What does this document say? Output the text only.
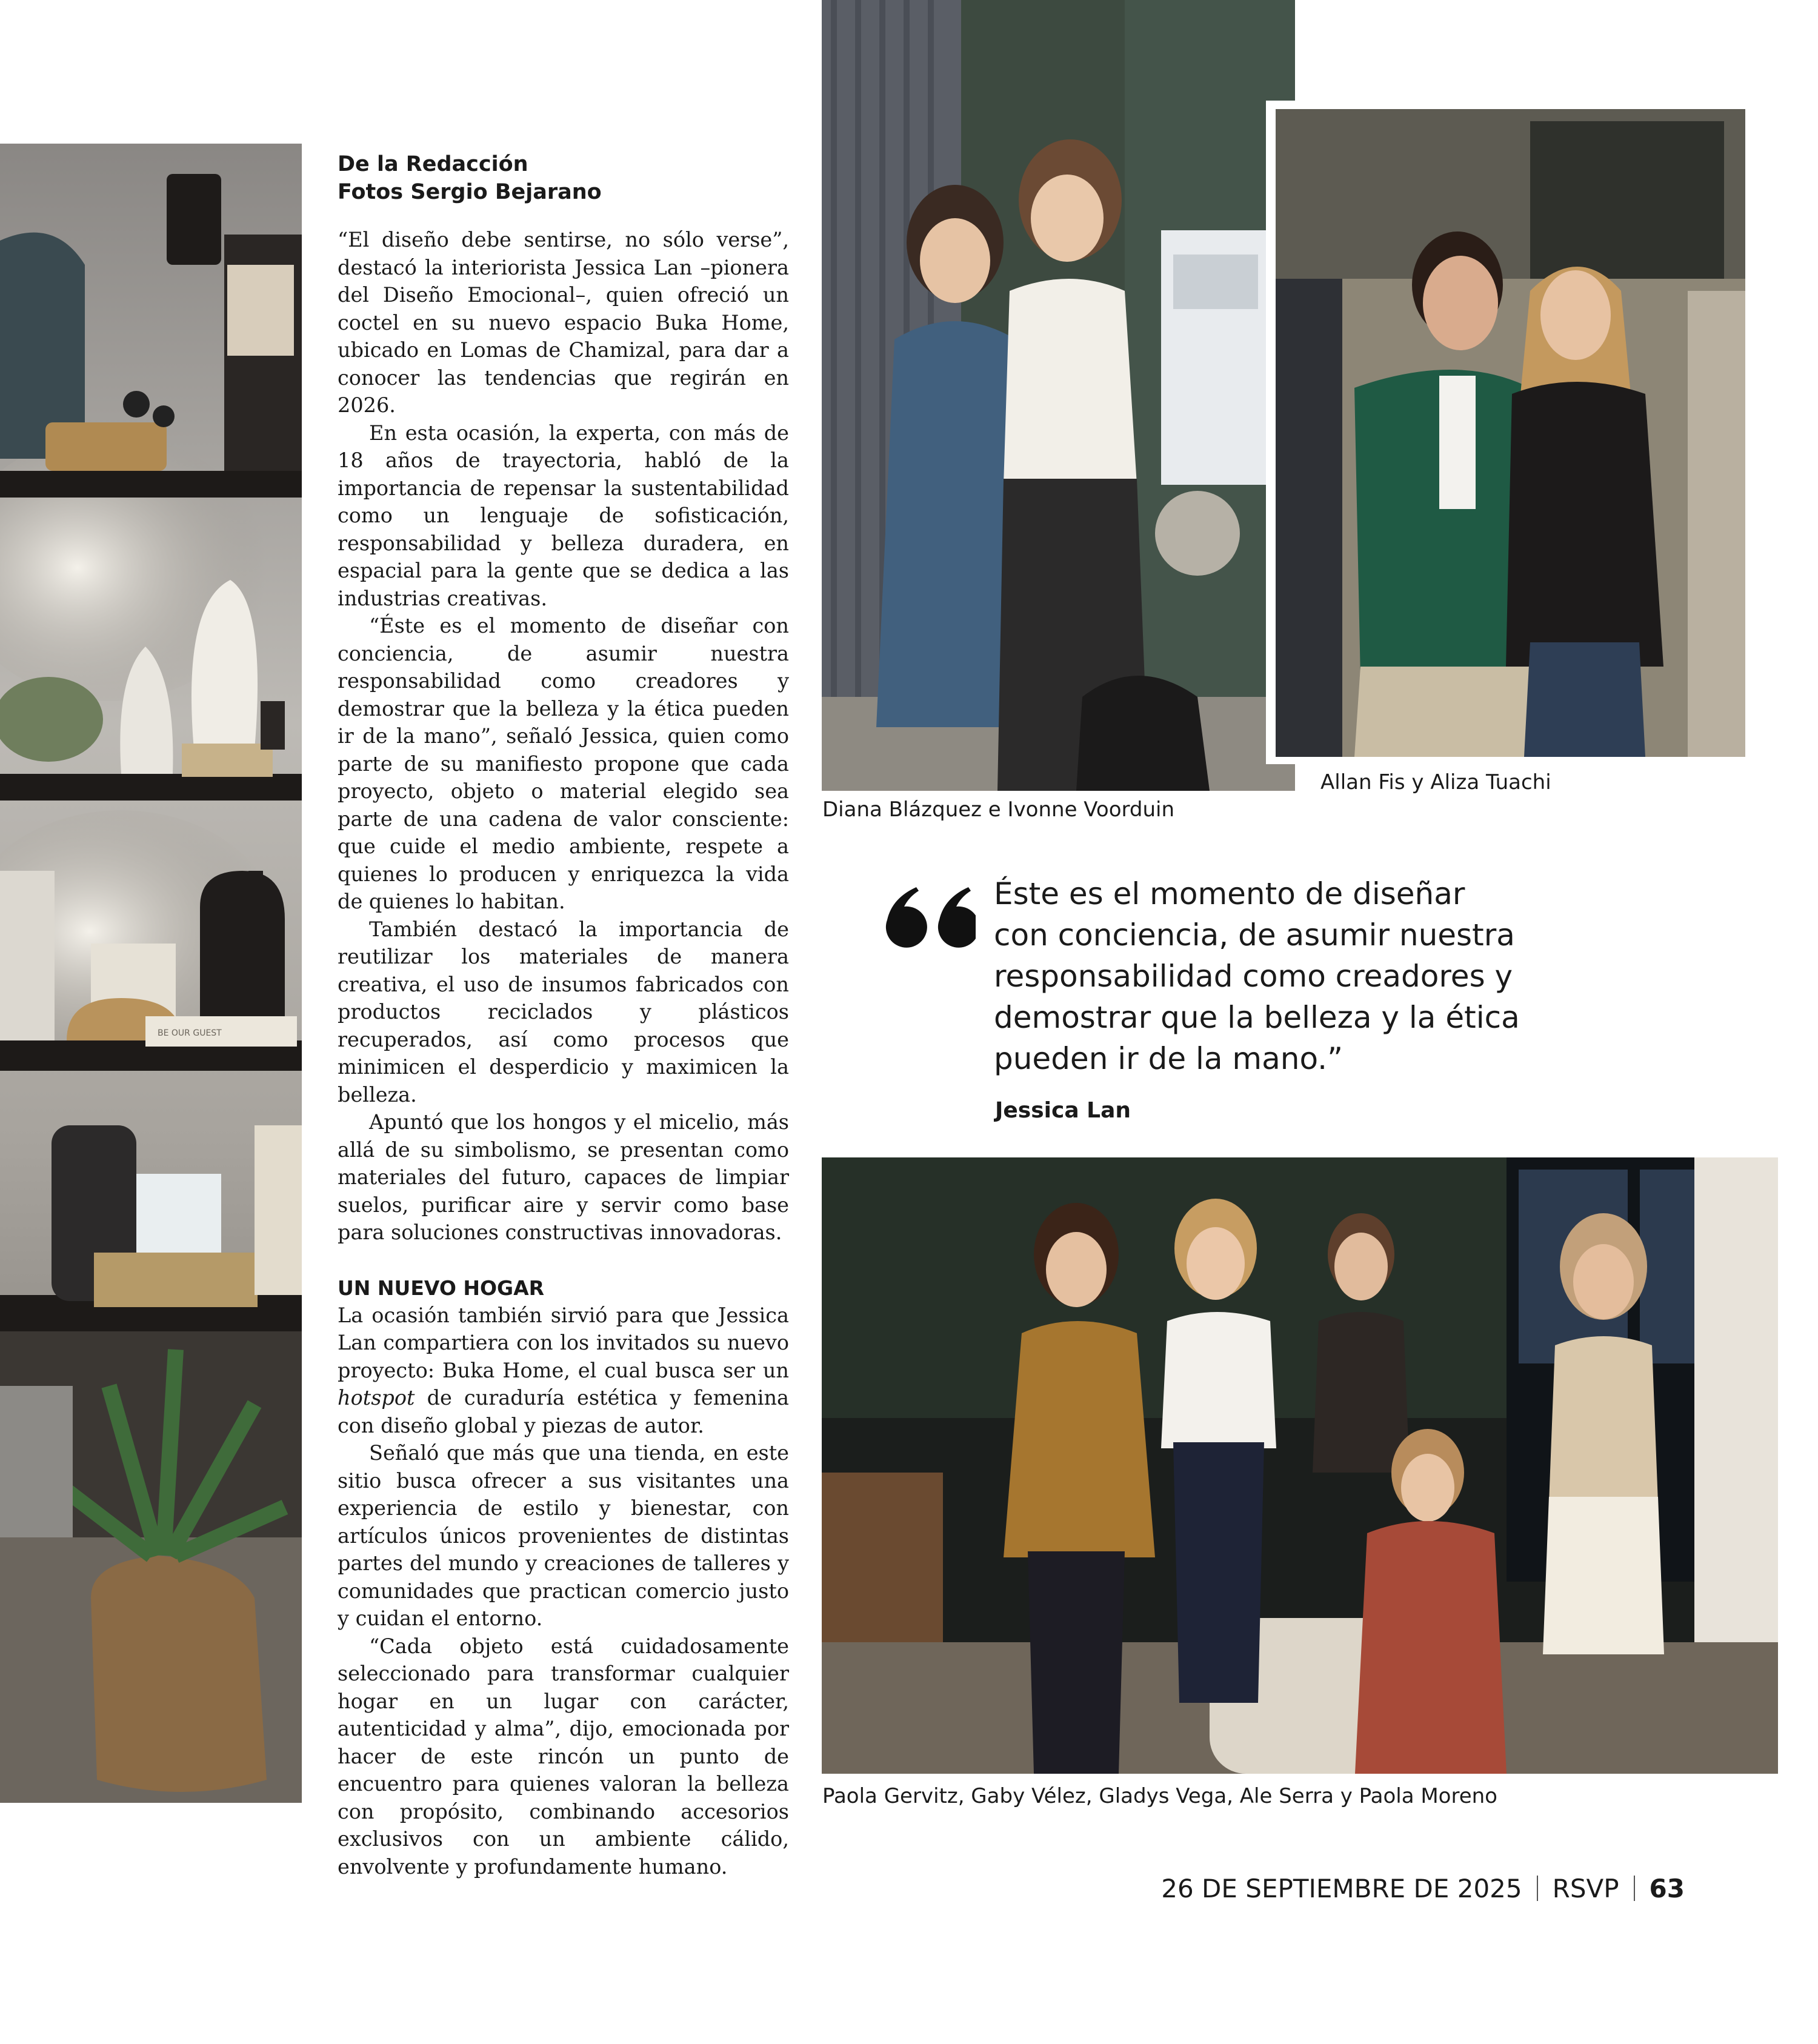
BE OUR GUEST

De la Redacción

Fotos Sergio Bejarano

“El diseño debe sentirse, no sólo verse”, destacó la interiorista Jessica Lan –pionera del Diseño Emocional–, quien ofreció un coctel en su nuevo espacio Buka Home, ubicado en Lomas de Chamizal, para dar a conocer las tendencias que regirán en 2026.

En esta ocasión, la experta, con más de 18 años de trayectoria, habló de la importancia de repensar la sustentabilidad como un lenguaje de sofisticación, responsabilidad y belleza duradera, en espacial para la gente que se dedica a las industrias creativas.

“Éste es el momento de diseñar con conciencia, de asumir nuestra responsabilidad como creadores y demostrar que la belleza y la ética pueden ir de la mano”, señaló Jessica, quien como parte de su manifiesto propone que cada proyecto, objeto o material elegido sea parte de una cadena de valor consciente: que cuide el medio ambiente, respete a quienes lo producen y enriquezca la vida de quienes lo habitan.

También destacó la importancia de reutilizar los materiales de manera creativa, el uso de insumos fabricados con productos reciclados y plásticos recuperados, así como procesos que minimicen el desperdicio y maximicen la belleza.

Apuntó que los hongos y el micelio, más allá de su simbolismo, se presentan como materiales del futuro, capaces de limpiar suelos, purificar aire y servir como base para soluciones constructivas innovadoras.

UN NUEVO HOGAR

La ocasión también sirvió para que Jessica Lan compartiera con los invitados su nuevo proyecto: Buka Home, el cual busca ser un hotspot de curaduría estética y femenina con diseño global y piezas de autor.

Señaló que más que una tienda, en este sitio busca ofrecer a sus visitantes una experiencia de estilo y bienestar, con artículos únicos provenientes de distintas partes del mundo y creaciones de talleres y comunidades que practican comercio justo y cuidan el entorno.

“Cada objeto está cuidadosamente seleccionado para transformar cualquier hogar en un lugar con carácter, autenticidad y alma”, dijo, emocionada por hacer de este rincón un punto de encuentro para quienes valoran la belleza con propósito, combinando accesorios exclusivos con un ambiente cálido, envolvente y profundamente humano.

Diana Blázquez e Ivonne Voorduin
Allan Fis y Aliza Tuachi

Éste es el momento de diseñar
con conciencia, de asumir nuestra
responsabilidad como creadores y
demostrar que la belleza y la ética
pueden ir de la mano.”

Jessica Lan
Paola Gervitz, Gaby Vélez, Gladys Vega, Ale Serra y Paola Moreno
26 DE SEPTIEMBRE DE 2025 RSVP 63
